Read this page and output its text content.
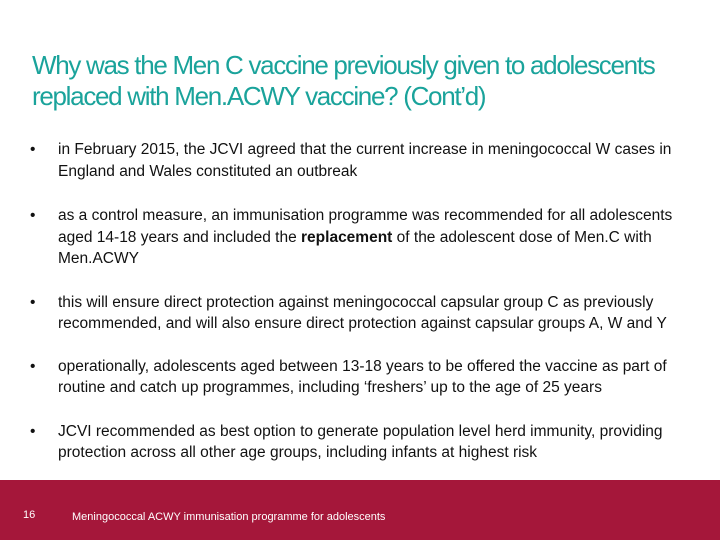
Why was the Men C vaccine previously given to adolescents
replaced with Men.ACWY vaccine? (Cont’d)
•	in February 2015, the JCVI agreed that the current increase in meningococcal W cases in England and Wales constituted an outbreak
•	as a control measure, an immunisation programme was recommended for all adolescents aged 14-18 years and included the replacement of the adolescent dose of Men.C with Men.ACWY
•	this will ensure direct protection against meningococcal capsular group C as previously recommended, and will also ensure direct protection against capsular groups A, W and Y
•	operationally, adolescents aged between 13-18 years to be offered the vaccine as part of routine and catch up programmes, including ‘freshers’ up to the age of 25 years
•	JCVI recommended as best option to generate population level herd immunity, providing protection across all other age groups, including infants at highest risk
16	Meningococcal ACWY immunisation programme for adolescents
